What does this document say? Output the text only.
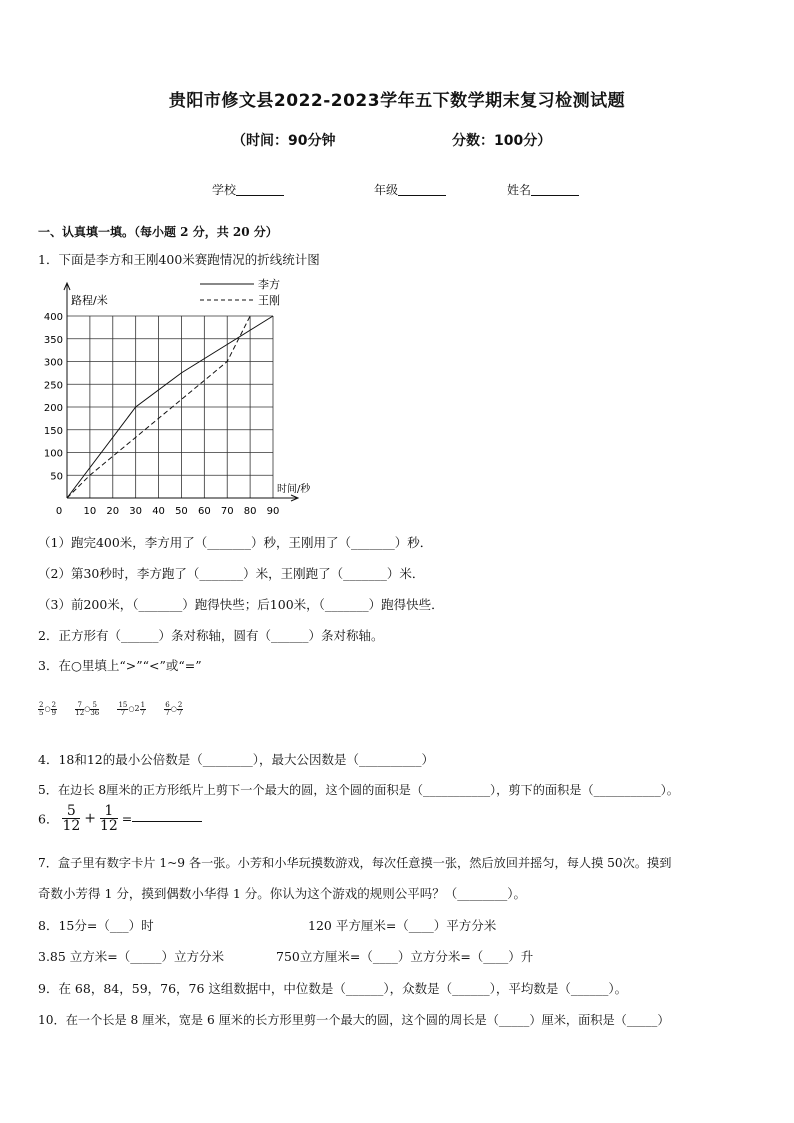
贵阳市修文县2022-2023学年五下数学期末复习检测试题
（时间：90分钟	分数：100分）
学校	年级	姓名
一、认真填一填。（每小题 2 分，共 20 分）
1．下面是李方和王刚400米赛跑情况的折线统计图
路程/米
时间/秒
0 10 20 30 40 50 60 70 80 90
50
100
150
200
250
300
350
400
李方
王刚
（1）跑完400米，李方用了（_______）秒，王刚用了（_______）秒．
（2）第30秒时，李方跑了（_______）米，王刚跑了（_______）米．
（3）前200米，（_______）跑得快些；后100米，（_______）跑得快些．
2．正方形有（______）条对称轴，圆有（______）条对称轴。
3．在○里填上“>”“<”或“=”
$\frac{2}{5}$ ○ $\frac{2}{9}$
	$\frac{7}{12}$ ○ $\frac{5}{36}$
	$\frac{15}{7}$ ○2 $\frac{1}{7}$
	$\frac{6}{7}$ ○ $\frac{2}{7}$
4．18和12的最小公倍数是（________），最大公因数是（__________）
5．在边长 8厘米的正方形纸片上剪下一个最大的圆，这个圆的面积是（___________），剪下的面积是（___________）。
6． $\frac{5}{12} + \frac{1}{12}$ =
7．盒子里有数字卡片 1~9 各一张。小芳和小华玩摸数游戏，每次任意摸一张，然后放回并摇匀，每人摸 50次。摸到
奇数小芳得 1 分，摸到偶数小华得 1 分。你认为这个游戏的规则公平吗？（________）。
8．15分=（___）时	120 平方厘米=（____）平方分米
3.85 立方米=（_____）立方分米	750立方厘米=（____）立方分米=（____）升
9．在 68，84，59，76，76 这组数据中，中位数是（______），众数是（______），平均数是（______）。
10．在一个长是 8 厘米，宽是 6 厘米的长方形里剪一个最大的圆，这个圆的周长是（_____）厘米，面积是（_____）
